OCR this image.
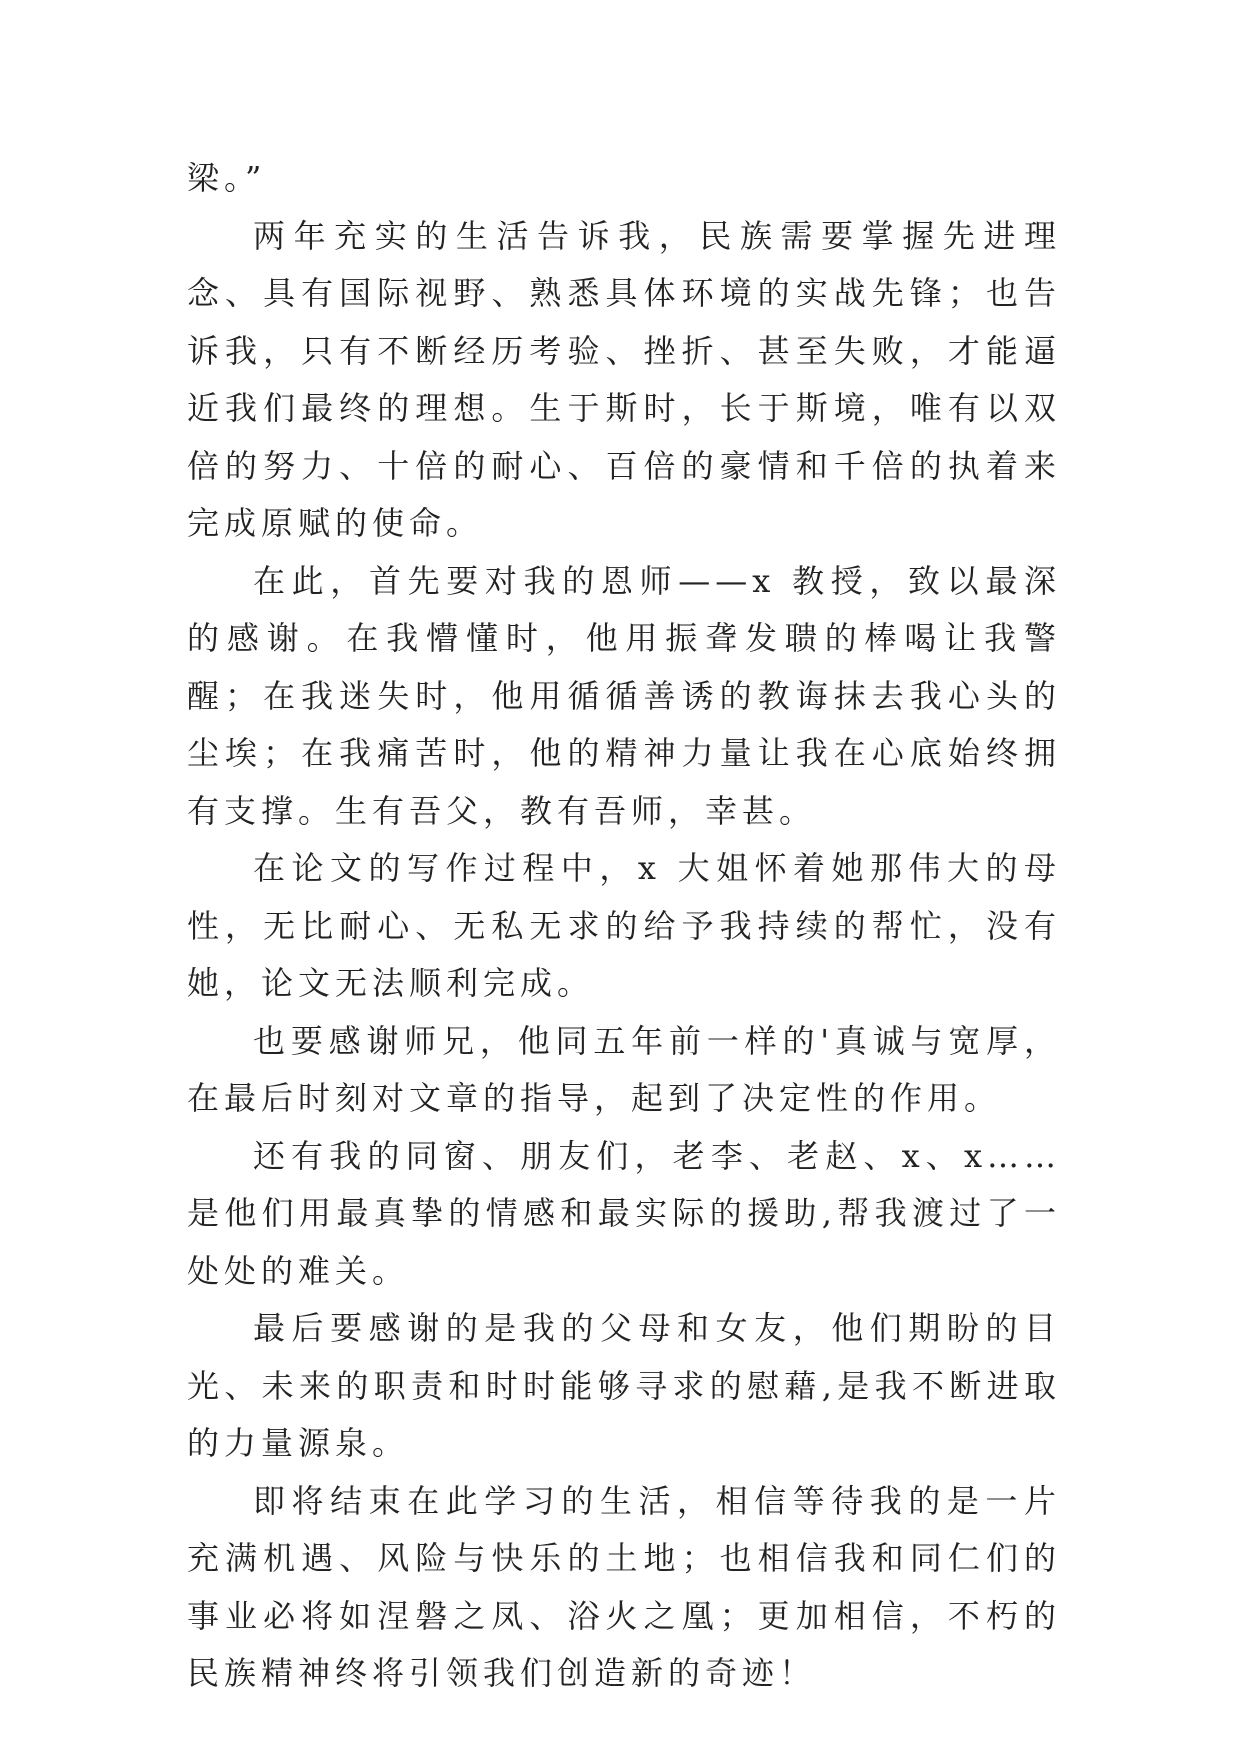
梁。”

两年充实的生活告诉我，民族需要掌握先进理念、具有国际视野、熟悉具体环境的实战先锋；也告诉我，只有不断经历考验、挫折、甚至失败，才能逼近我们最终的理想。生于斯时，长于斯境，唯有以双倍的努力、十倍的耐心、百倍的豪情和千倍的执着来完成原赋的使命。

在此，首先要对我的恩师——x 教授，致以最深的感谢。在我懵懂时，他用振聋发聩的棒喝让我警醒；在我迷失时，他用循循善诱的教诲抹去我心头的尘埃；在我痛苦时，他的精神力量让我在心底始终拥有支撑。生有吾父，教有吾师，幸甚。

在论文的写作过程中，x 大姐怀着她那伟大的母性，无比耐心、无私无求的给予我持续的帮忙，没有她，论文无法顺利完成。

也要感谢师兄，他同五年前一样的'真诚与宽厚，在最后时刻对文章的指导，起到了决定性的作用。

还有我的同窗、朋友们，老李、老赵、x、x……是他们用最真挚的情感和最实际的援助,帮我渡过了一处处的难关。

最后要感谢的是我的父母和女友，他们期盼的目光、未来的职责和时时能够寻求的慰藉,是我不断进取的力量源泉。

即将结束在此学习的生活，相信等待我的是一片充满机遇、风险与快乐的土地；也相信我和同仁们的事业必将如涅磐之凤、浴火之凰；更加相信，不朽的民族精神终将引领我们创造新的奇迹！
